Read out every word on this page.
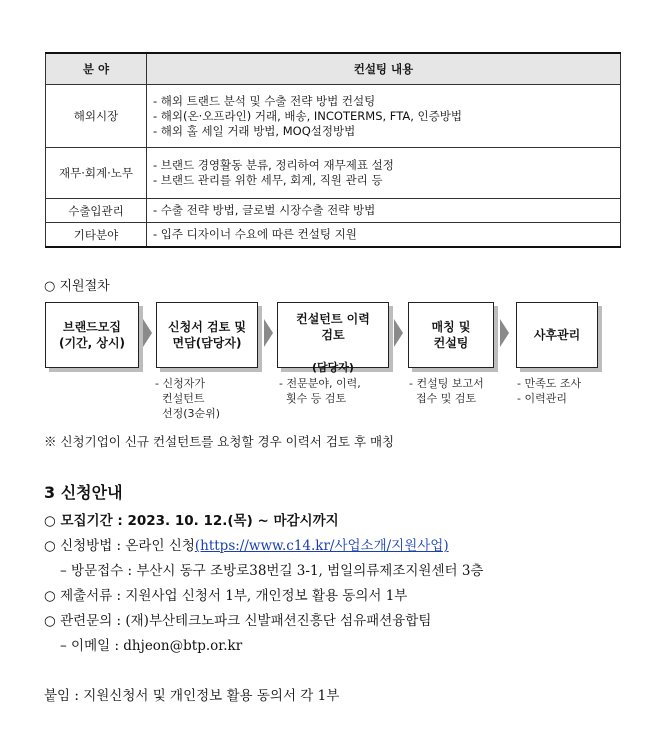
분 야	컨설팅 내용
해외시장	- 해외 트랜드 분석 및 수출 전략 방법 컨설팅
- 해외(온·오프라인) 거래, 배송, INCOTERMS, FTA, 인증방법
- 해외 홀 세일 거래 방법, MOQ설정방법

재무·회계·노무	- 브랜드 경영활동 분류, 정리하여 재무제표 설정
- 브랜드 관리를 위한 세무, 회계, 직원 관리 등

수출입관리	- 수출 전략 방법, 글로벌 시장수출 전략 방법

기타분야	- 입주 디자이너 수요에 따른 컨설팅 지원
○ 지원절차
브랜드모집
(기간, 상시)
신청서 검토 및
면담(담당자)

컨설턴트 이력
검토

(담당자)

매칭 및
컨설팅
사후관리
- 신청자가
컨설턴트
선정(3순위)
- 전문분야, 이력,
횟수 등 검토
- 컨설팅 보고서
접수 및 검토
- 만족도 조사
- 이력관리
※ 신청기업이 신규 컨설턴트를 요청할 경우 이력서 검토 후 매칭
3 신청안내
○ 모집기간 : 2023. 10. 12.(목) ~ 마감시까지
○ 신청방법 : 온라인 신청(https://www.c14.kr/사업소개/지원사업)
– 방문접수 : 부산시 동구 조방로38번길 3-1, 범일의류제조지원센터 3층
○ 제출서류 : 지원사업 신청서 1부, 개인정보 활용 동의서 1부
○ 관련문의 : (재)부산테크노파크 신발패션진흥단 섬유패션융합팀
– 이메일 : dhjeon@btp.or.kr
붙임 : 지원신청서 및 개인정보 활용 동의서 각 1부
